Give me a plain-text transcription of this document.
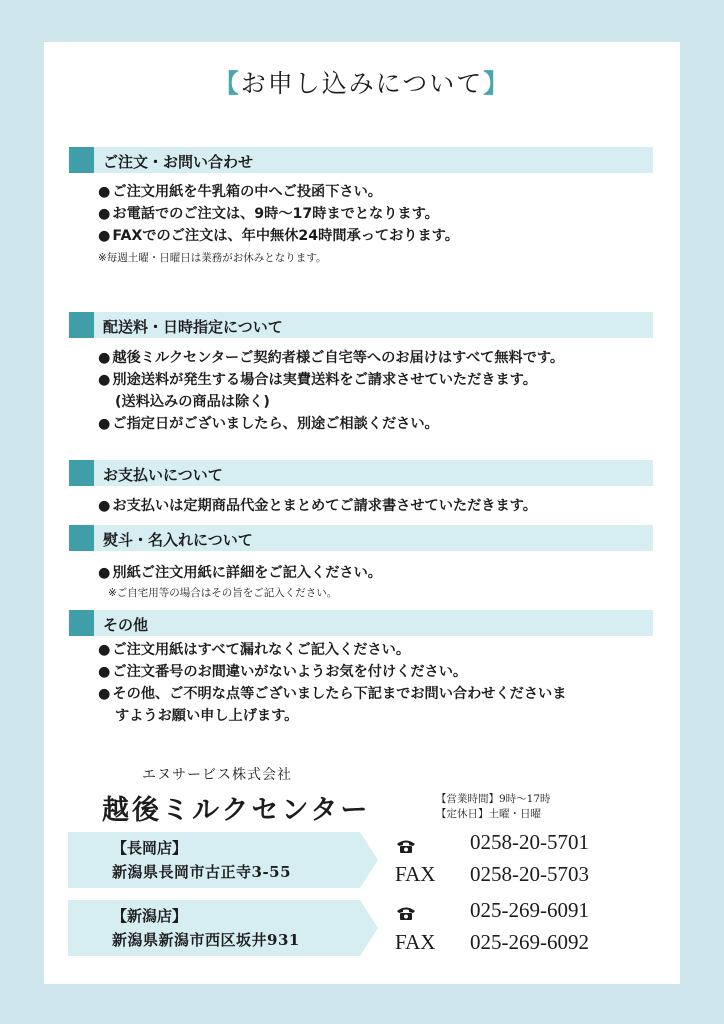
【お申し込みについて】
ご注文・お問い合わせ
● ご注文用紙を牛乳箱の中へご投函下さい。
● お電話でのご注文は、9時～17時までとなります。
● FAXでのご注文は、年中無休24時間承っております。
※毎週土曜・日曜日は業務がお休みとなります。
配送料・日時指定について
● 越後ミルクセンターご契約者様ご自宅等へのお届けはすべて無料です。
● 別途送料が発生する場合は実費送料をご請求させていただきます。
(送料込みの商品は除く)
● ご指定日がございましたら、別途ご相談ください。
お支払いについて
● お支払いは定期商品代金とまとめてご請求書させていただきます。
熨斗・名入れについて
● 別紙ご注文用紙に詳細をご記入ください。
※ご自宅用等の場合はその旨をご記入ください。
その他
● ご注文用紙はすべて漏れなくご記入ください。
● ご注文番号のお間違いがないようお気を付けください。
● その他、ご不明な点等ございましたら下記までお問い合わせくださいま
すようお願い申し上げます。
エヌサービス株式会社
越後ミルクセンター	【営業時間】9時～17時
【定休日】土曜・日曜
【長岡店】
新潟県長岡市古正寺3-55
0258-20-5701
FAX 0258-20-5703
【新潟店】
新潟県新潟市西区坂井931
025-269-6091
FAX 025-269-6092
